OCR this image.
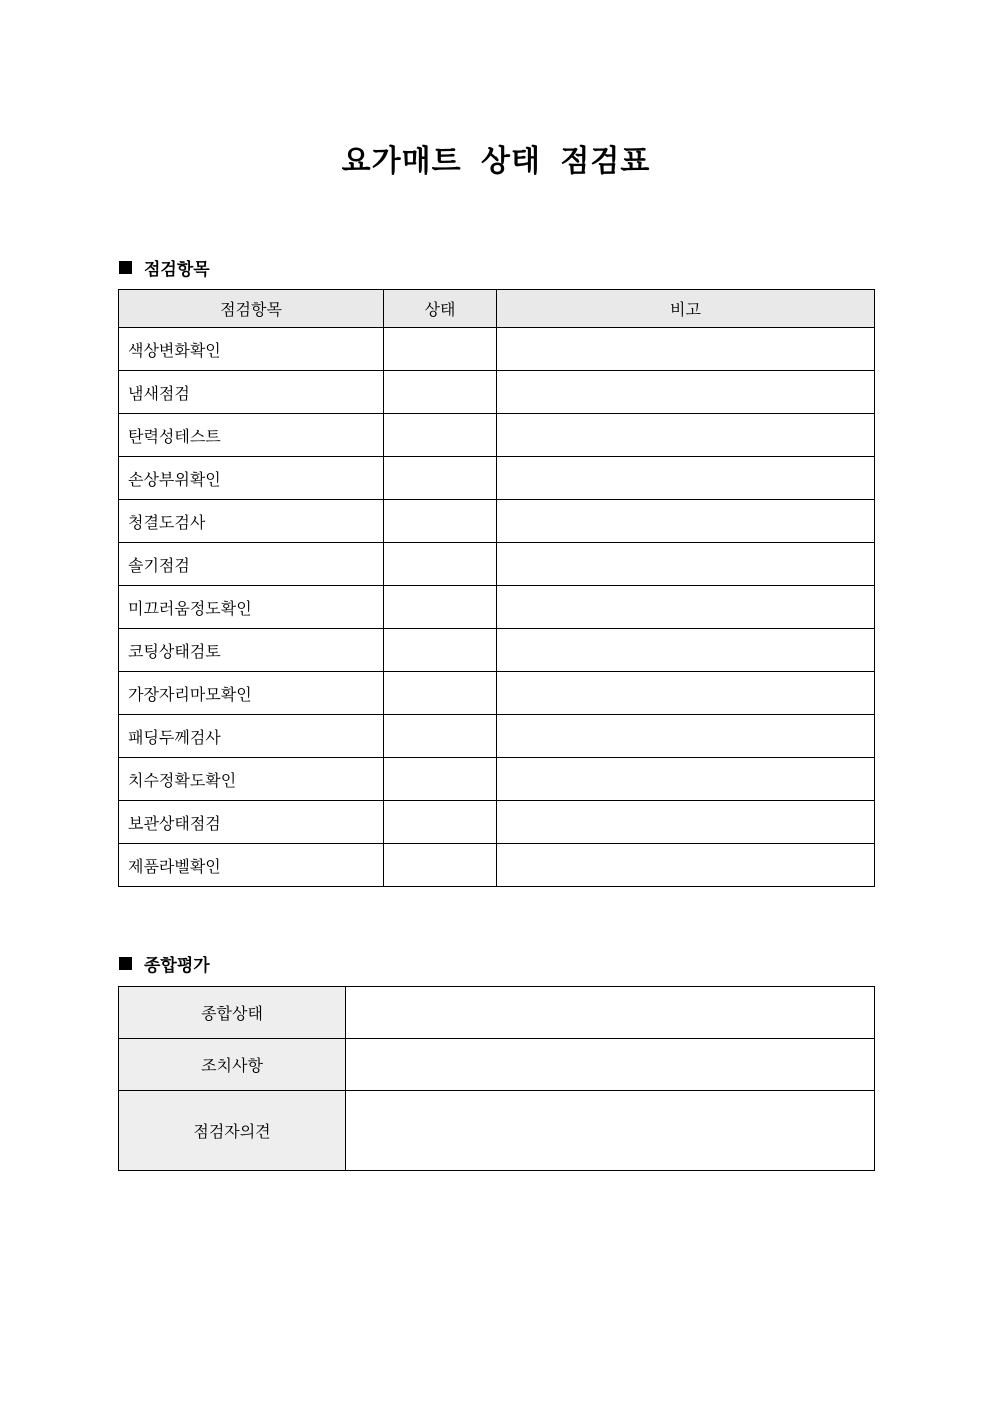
요가매트 상태 점검표
점검항목
점검항목	상태	비고
색상변화확인		
냄새점검		
탄력성테스트		
손상부위확인		
청결도검사		
솔기점검		
미끄러움정도확인		
코팅상태검토		
가장자리마모확인		
패딩두께검사		
치수정확도확인		
보관상태점검		
제품라벨확인		
종합평가
종합상태	
조치사항	
점검자의견	
